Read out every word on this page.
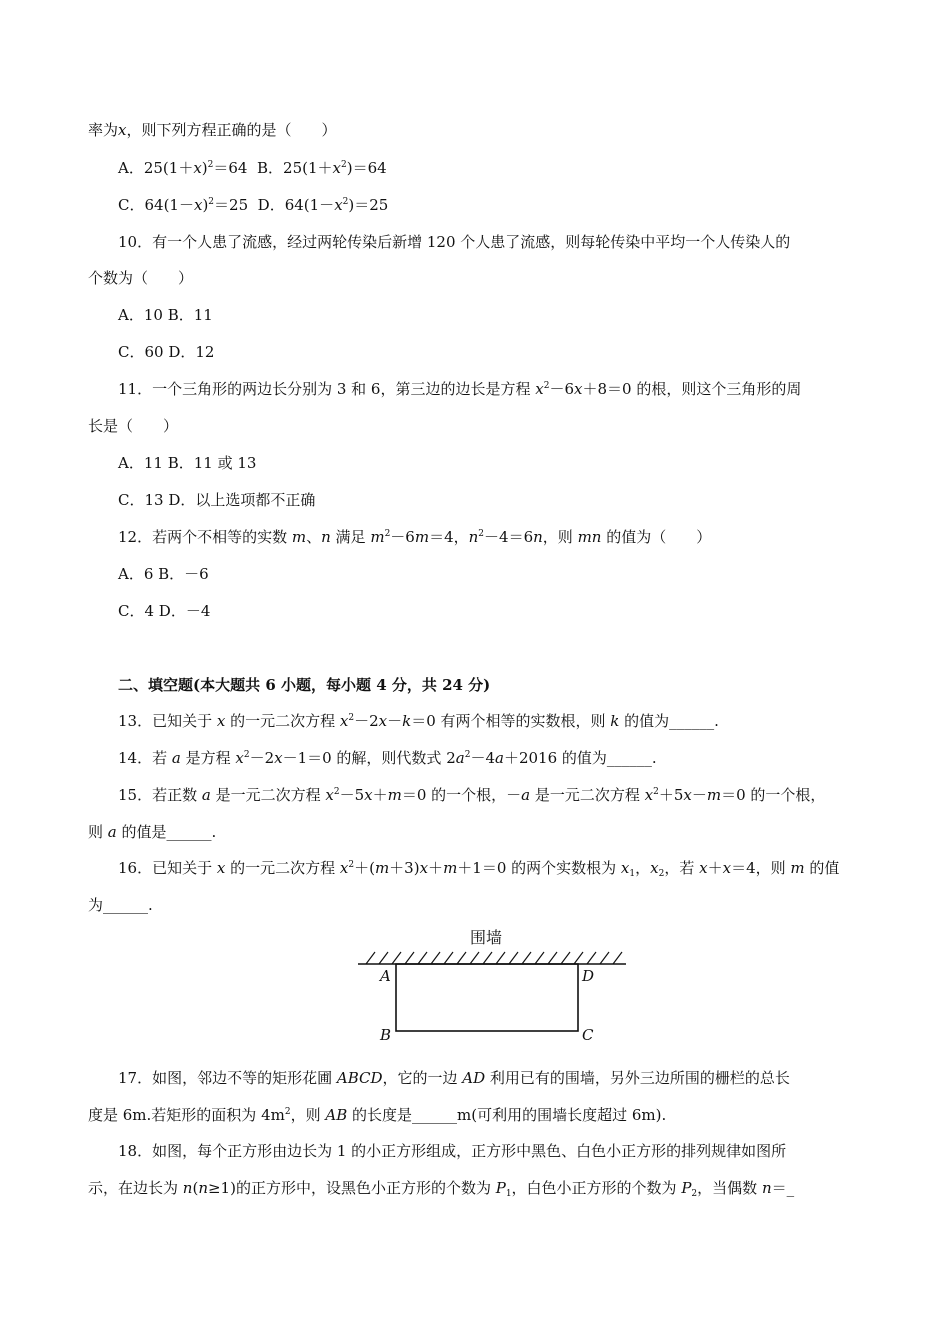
率为x，则下列方程正确的是（　　）
A．$25(1+x)^2=64$ B．$25(1+x^2)=64$
C．$64(1-x)^2=25$ D．$64(1-x^2)=25$
10．有一个人患了流感，经过两轮传染后新增 120 个人患了流感，则每轮传染中平均一个人传染人的
个数为（　　）
A．10 B．11
C．60 D．12
11．一个三角形的两边长分别为 3 和 6，第三边的边长是方程 $x^2-6x+8=0$ 的根，则这个三角形的周
长是（　　）
A．11 B．11 或 13
C．13 D．以上选项都不正确
12．若两个不相等的实数 m、n 满足 $m^2-6m=4$，$n^2-4=6n$，则 mn 的值为（　　）
A．6 B．－6
C．4 D．－4
二、填空题(本大题共 6 小题，每小题 4 分，共 24 分)
13．已知关于 x 的一元二次方程 $x^2-2x-k=0$ 有两个相等的实数根，则 k 的值为______.
14．若 a 是方程 $x^2-2x-1=0$ 的解，则代数式 $2a^2-4a+2016$ 的值为______.
15．若正数 a 是一元二次方程 $x^2-5x+m=0$ 的一个根，－a 是一元二次方程 $x^2+5x-m=0$ 的一个根，
则 a 的值是______.
16．已知关于 x 的一元二次方程 $x^2+(m+3)x+m+1=0$ 的两个实数根为 $x_1$，$x_2$，若 x＋x＝4，则 m 的值
为______.
围墙
A	D
B	C
17．如图，邻边不等的矩形花圃 ABCD，它的一边 AD 利用已有的围墙，另外三边所围的栅栏的总长
度是 6m.若矩形的面积为 $4m^2$，则 AB 的长度是______m(可利用的围墙长度超过 6m).
18．如图，每个正方形由边长为 1 的小正方形组成，正方形中黑色、白色小正方形的排列规律如图所
示，在边长为 n(n≥1)的正方形中，设黑色小正方形的个数为 $P_1$，白色小正方形的个数为 $P_2$，当偶数 n＝_
